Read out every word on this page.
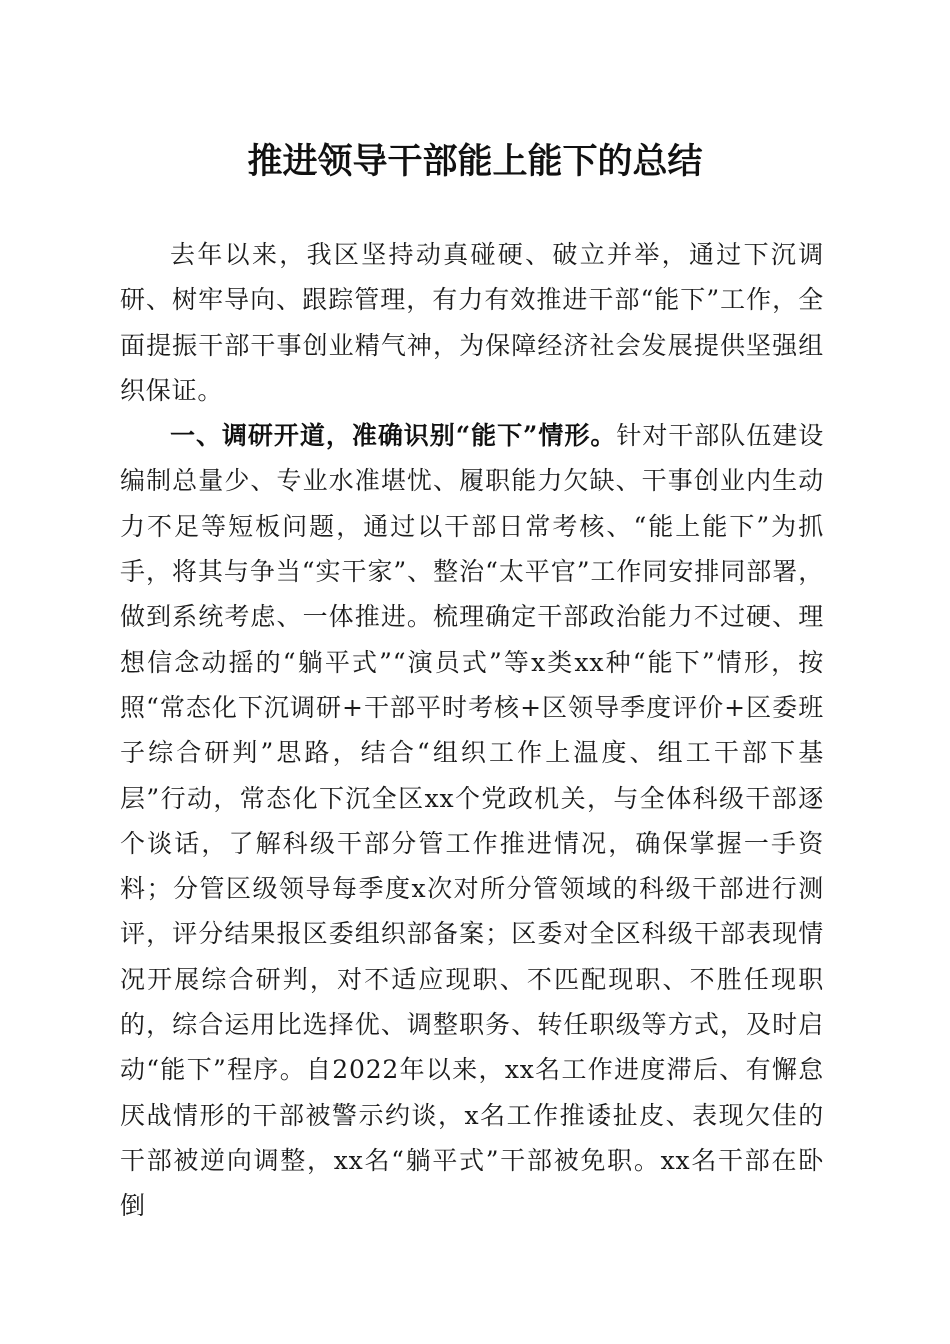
推进领导干部能上能下的总结

去年以来，我区坚持动真碰硬、破立并举，通过下沉调研、树牢导向、跟踪管理，有力有效推进干部“能下”工作，全面提振干部干事创业精气神，为保障经济社会发展提供坚强组织保证。

一、调研开道，准确识别“能下”情形。针对干部队伍建设编制总量少、专业水准堪忧、履职能力欠缺、干事创业内生动力不足等短板问题，通过以干部日常考核、“能上能下”为抓手，将其与争当“实干家”、整治“太平官”工作同安排同部署，做到系统考虑、一体推进。梳理确定干部政治能力不过硬、理想信念动摇的“躺平式”“演员式”等x类xx种“能下”情形，按照“常态化下沉调研+干部平时考核+区领导季度评价+区委班子综合研判”思路，结合“组织工作上温度、组工干部下基层”行动，常态化下沉全区xx个党政机关，与全体科级干部逐个谈话，了解科级干部分管工作推进情况，确保掌握一手资料；分管区级领导每季度x次对所分管领域的科级干部进行测评，评分结果报区委组织部备案；区委对全区科级干部表现情况开展综合研判，对不适应现职、不匹配现职、不胜任现职的，综合运用比选择优、调整职务、转任职级等方式，及时启动“能下”程序。自2022年以来，xx名工作进度滞后、有懈怠厌战情形的干部被警示约谈，x名工作推诿扯皮、表现欠佳的干部被逆向调整，xx名“躺平式”干部被免职。xx名干部在卧倒
